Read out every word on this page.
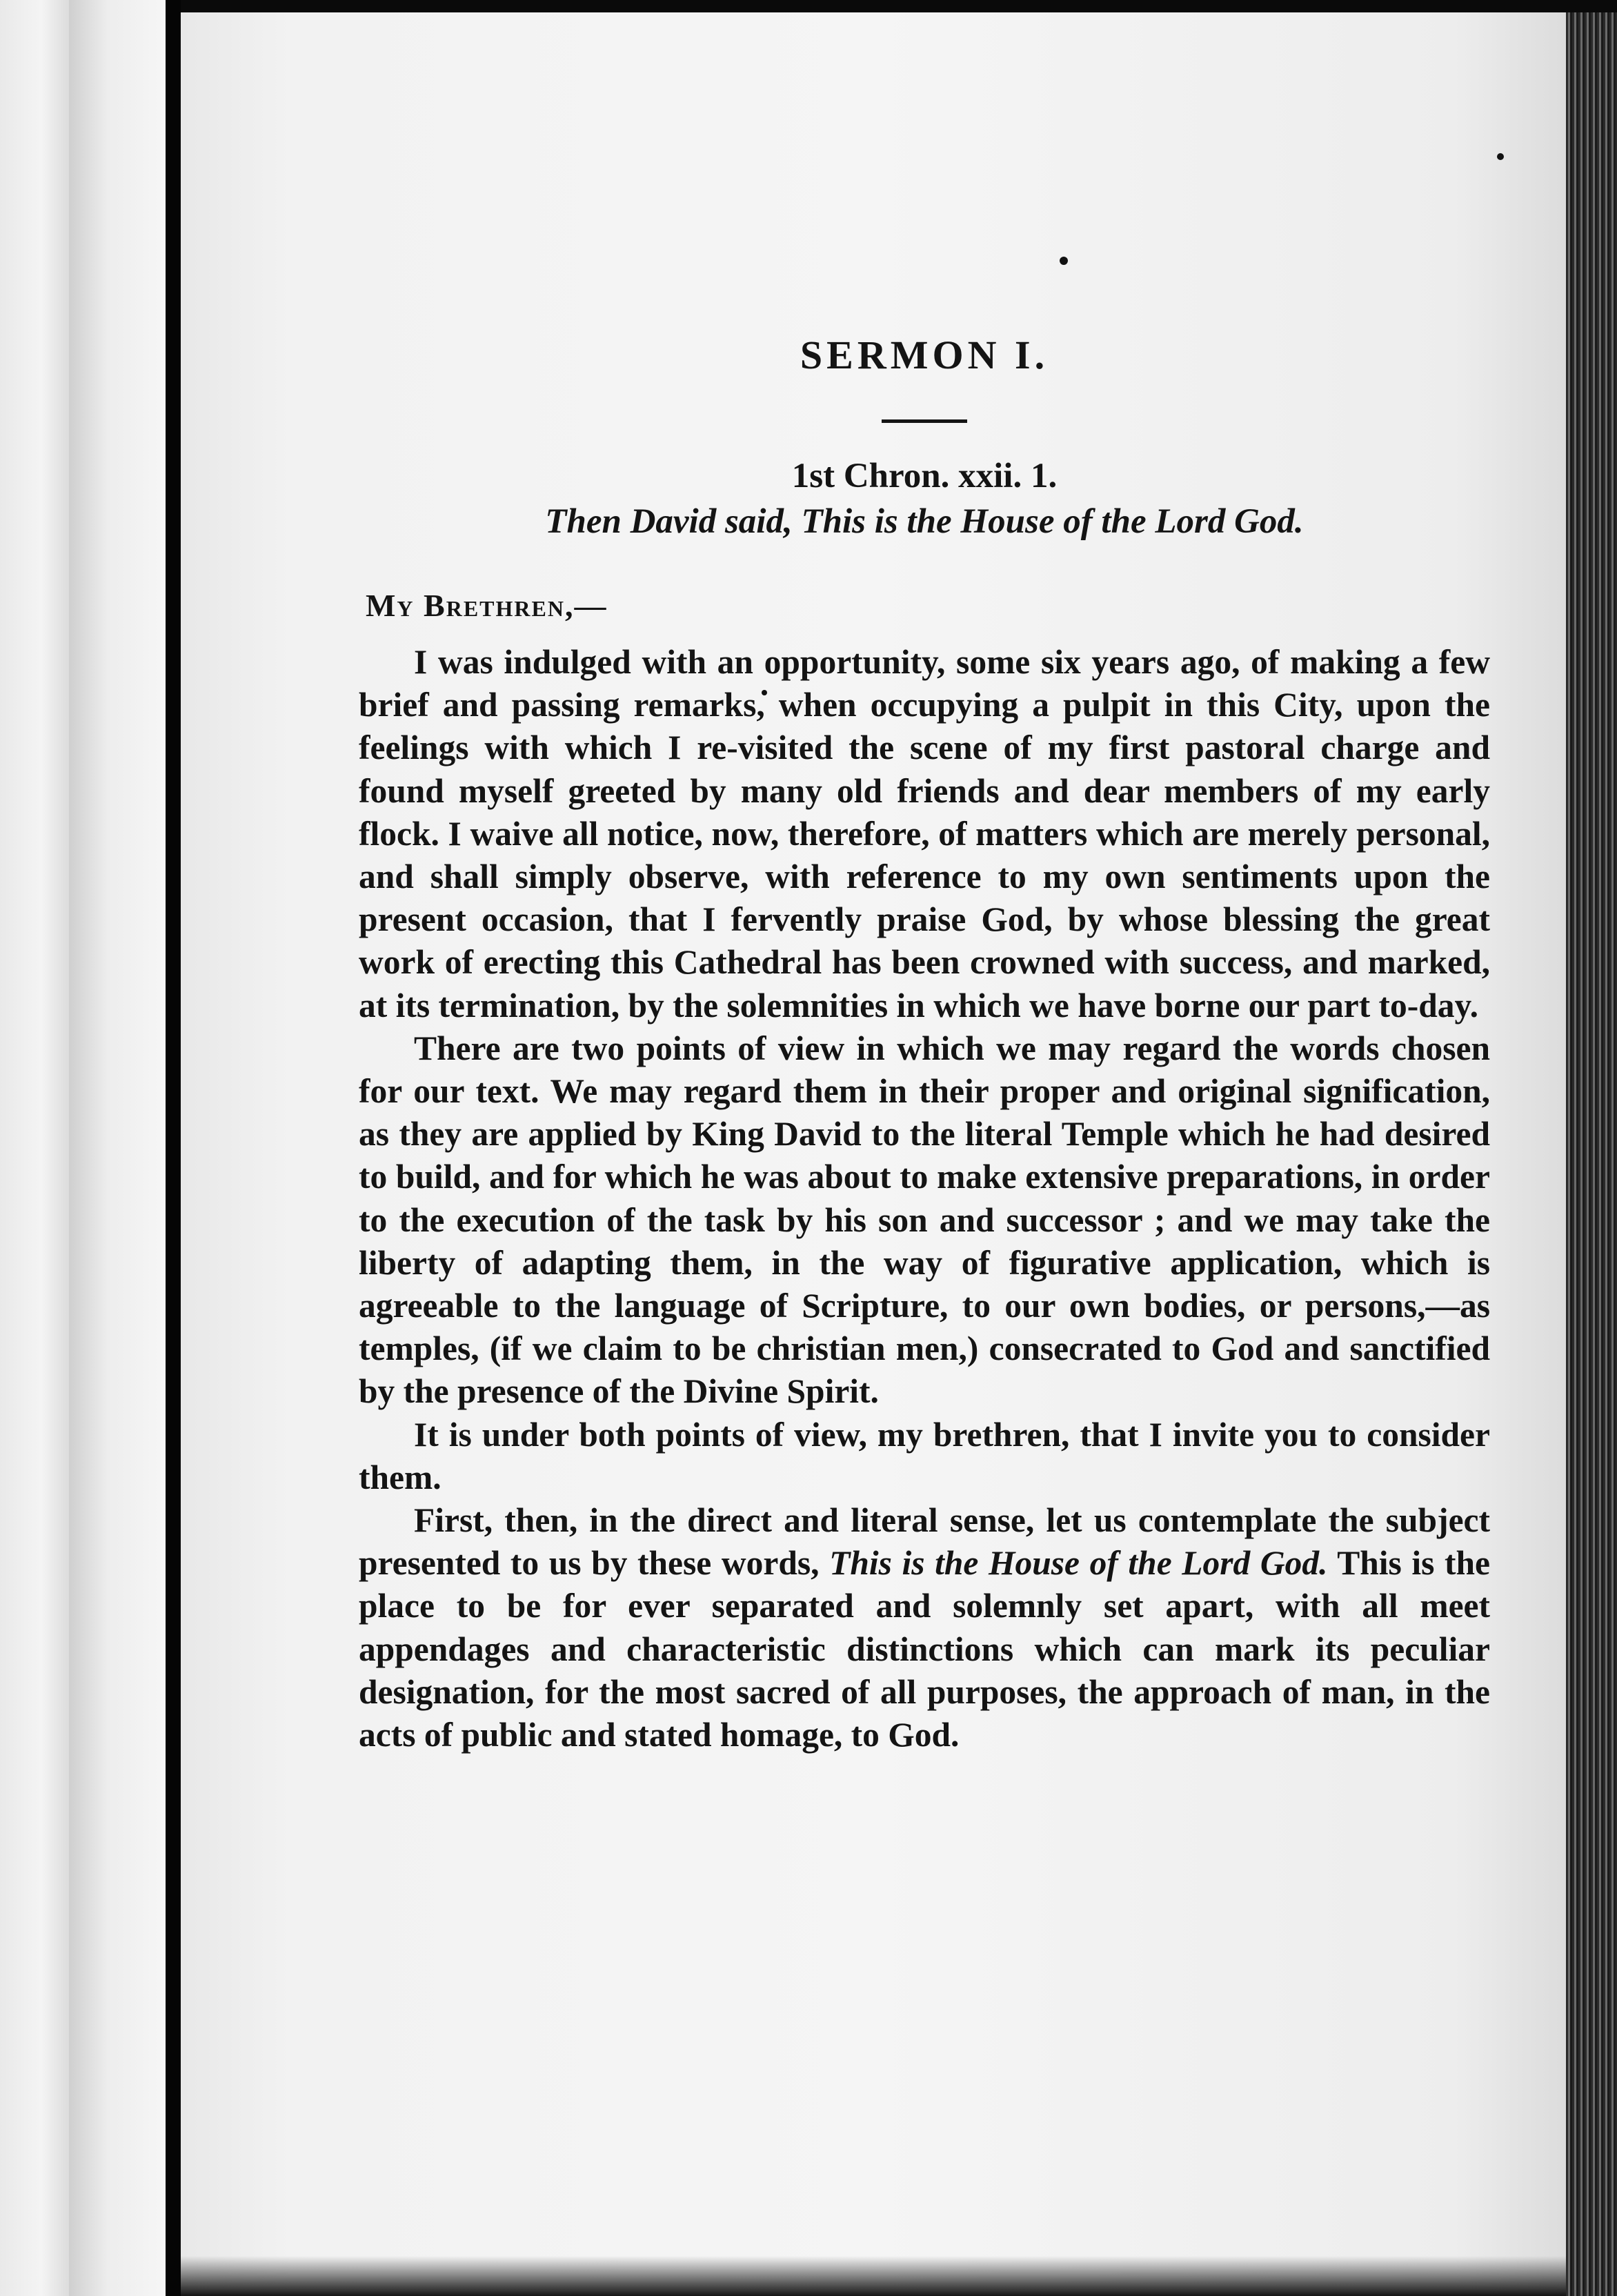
SERMON I.

1st Chron. xxii. 1.

Then David said, This is the House of the Lord God.

My Brethren,—

I was indulged with an opportunity, some six years ago, of making a few brief and passing remarks, when occupying a pulpit in this City, upon the feelings with which I re-visited the scene of my first pastoral charge and found myself greeted by many old friends and dear members of my early flock. I waive all notice, now, therefore, of matters which are merely personal, and shall simply observe, with reference to my own sentiments upon the present occasion, that I fervently praise God, by whose blessing the great work of erecting this Cathedral has been crowned with success, and marked, at its termination, by the solemnities in which we have borne our part to-day.

There are two points of view in which we may regard the words chosen for our text. We may regard them in their proper and original signification, as they are applied by King David to the literal Temple which he had desired to build, and for which he was about to make extensive preparations, in order to the execution of the task by his son and successor ; and we may take the liberty of adapting them, in the way of figurative application, which is agreeable to the language of Scripture, to our own bodies, or persons,—as temples, (if we claim to be christian men,) consecrated to God and sanctified by the presence of the Divine Spirit.

It is under both points of view, my brethren, that I invite you to consider them.

First, then, in the direct and literal sense, let us contemplate the subject presented to us by these words, This is the House of the Lord God. This is the place to be for ever separated and solemnly set apart, with all meet appendages and characteristic distinctions which can mark its peculiar designation, for the most sacred of all purposes, the approach of man, in the acts of public and stated homage, to God.
